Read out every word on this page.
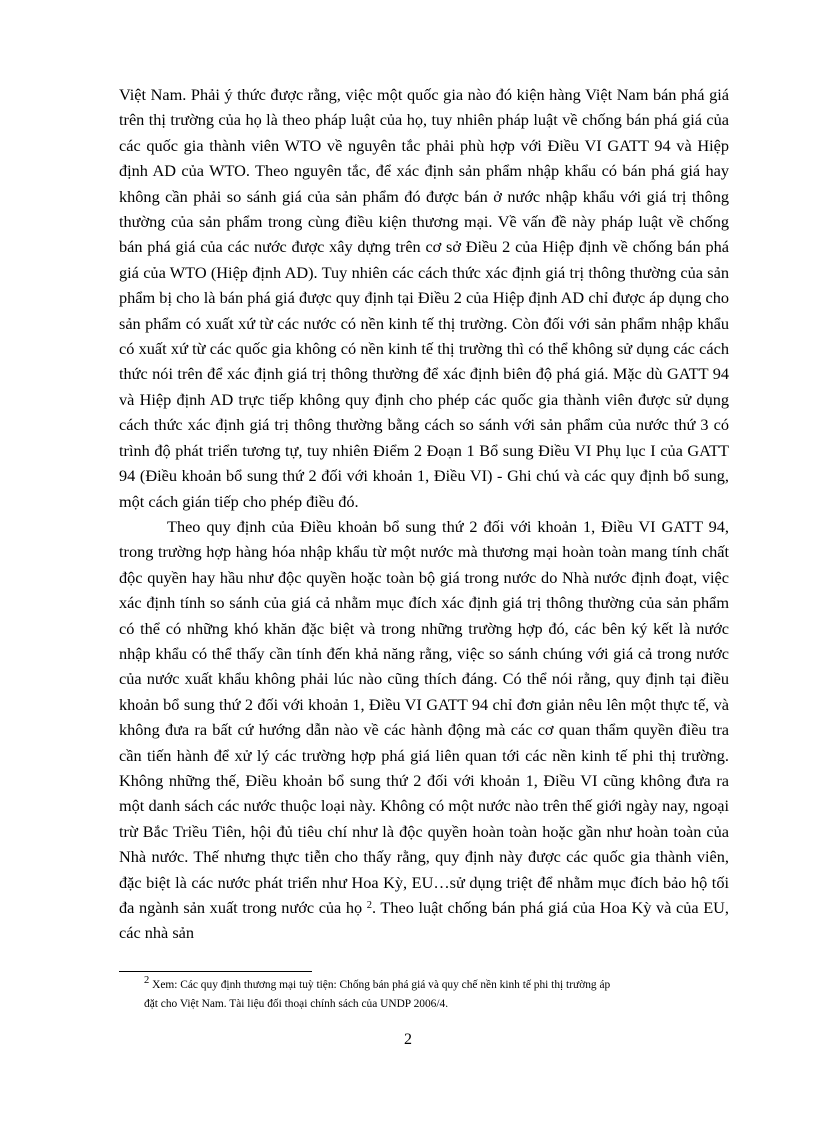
Việt Nam. Phải ý thức được rằng, việc một quốc gia nào đó kiện hàng Việt Nam bán phá giá trên thị trường của họ là theo pháp luật của họ, tuy nhiên pháp luật về chống bán phá giá của các quốc gia thành viên WTO về nguyên tắc phải phù hợp với Điều VI GATT 94 và Hiệp định AD của WTO. Theo nguyên tắc, để xác định sản phẩm nhập khẩu có bán phá giá hay không cần phải so sánh giá của sản phẩm đó được bán ở nước nhập khẩu với giá trị thông thường của sản phẩm trong cùng điều kiện thương mại. Về vấn đề này pháp luật về chống bán phá giá của các nước được xây dựng trên cơ sở Điều 2 của Hiệp định về chống bán phá giá của WTO (Hiệp định AD). Tuy nhiên các cách thức xác định giá trị thông thường của sản phẩm bị cho là bán phá giá được quy định tại Điều 2 của Hiệp định AD chỉ được áp dụng cho sản phẩm có xuất xứ từ các nước có nền kinh tế thị trường. Còn đối với sản phẩm nhập khẩu có xuất xứ từ các quốc gia không có nền kinh tế thị trường thì có thể không sử dụng các cách thức nói trên để xác định giá trị thông thường để xác định biên độ phá giá. Mặc dù GATT 94 và Hiệp định AD trực tiếp không quy định cho phép các quốc gia thành viên được sử dụng cách thức xác định giá trị thông thường bằng cách so sánh với sản phẩm của nước thứ 3 có trình độ phát triển tương tự, tuy nhiên Điểm 2 Đoạn 1 Bổ sung Điều VI Phụ lục I của GATT 94 (Điều khoản bổ sung thứ 2 đối với khoản 1, Điều VI) - Ghi chú và các quy định bổ sung, một cách gián tiếp cho phép điều đó.

Theo quy định của Điều khoản bổ sung thứ 2 đối với khoản 1, Điều VI GATT 94, trong trường hợp hàng hóa nhập khẩu từ một nước mà thương mại hoàn toàn mang tính chất độc quyền hay hầu như độc quyền hoặc toàn bộ giá trong nước do Nhà nước định đoạt, việc xác định tính so sánh của giá cả nhằm mục đích xác định giá trị thông thường của sản phẩm có thể có những khó khăn đặc biệt và trong những trường hợp đó, các bên ký kết là nước nhập khẩu có thể thấy cần tính đến khả năng rằng, việc so sánh chúng với giá cả trong nước của nước xuất khẩu không phải lúc nào cũng thích đáng. Có thể nói rằng, quy định tại điều khoản bổ sung thứ 2 đối với khoản 1, Điều VI GATT 94 chỉ đơn giản nêu lên một thực tế, và không đưa ra bất cứ hướng dẫn nào về các hành động mà các cơ quan thẩm quyền điều tra cần tiến hành để xử lý các trường hợp phá giá liên quan tới các nền kinh tế phi thị trường. Không những thế, Điều khoản bổ sung thứ 2 đối với khoản 1, Điều VI cũng không đưa ra một danh sách các nước thuộc loại này. Không có một nước nào trên thế giới ngày nay, ngoại trừ Bắc Triều Tiên, hội đủ tiêu chí như là độc quyền hoàn toàn hoặc gần như hoàn toàn của Nhà nước. Thế nhưng thực tiễn cho thấy rằng, quy định này được các quốc gia thành viên, đặc biệt là các nước phát triển như Hoa Kỳ, EU…sử dụng triệt để nhằm mục đích bảo hộ tối đa ngành sản xuất trong nước của họ $^2$. Theo luật chống bán phá giá của Hoa Kỳ và của EU, các nhà sản

$^2$ Xem: Các quy định thương mại tuỳ tiện: Chống bán phá giá và quy chế nền kinh tế phi thị trường áp
đặt cho Việt Nam. Tài liệu đối thoại chính sách của UNDP 2006/4.

2
